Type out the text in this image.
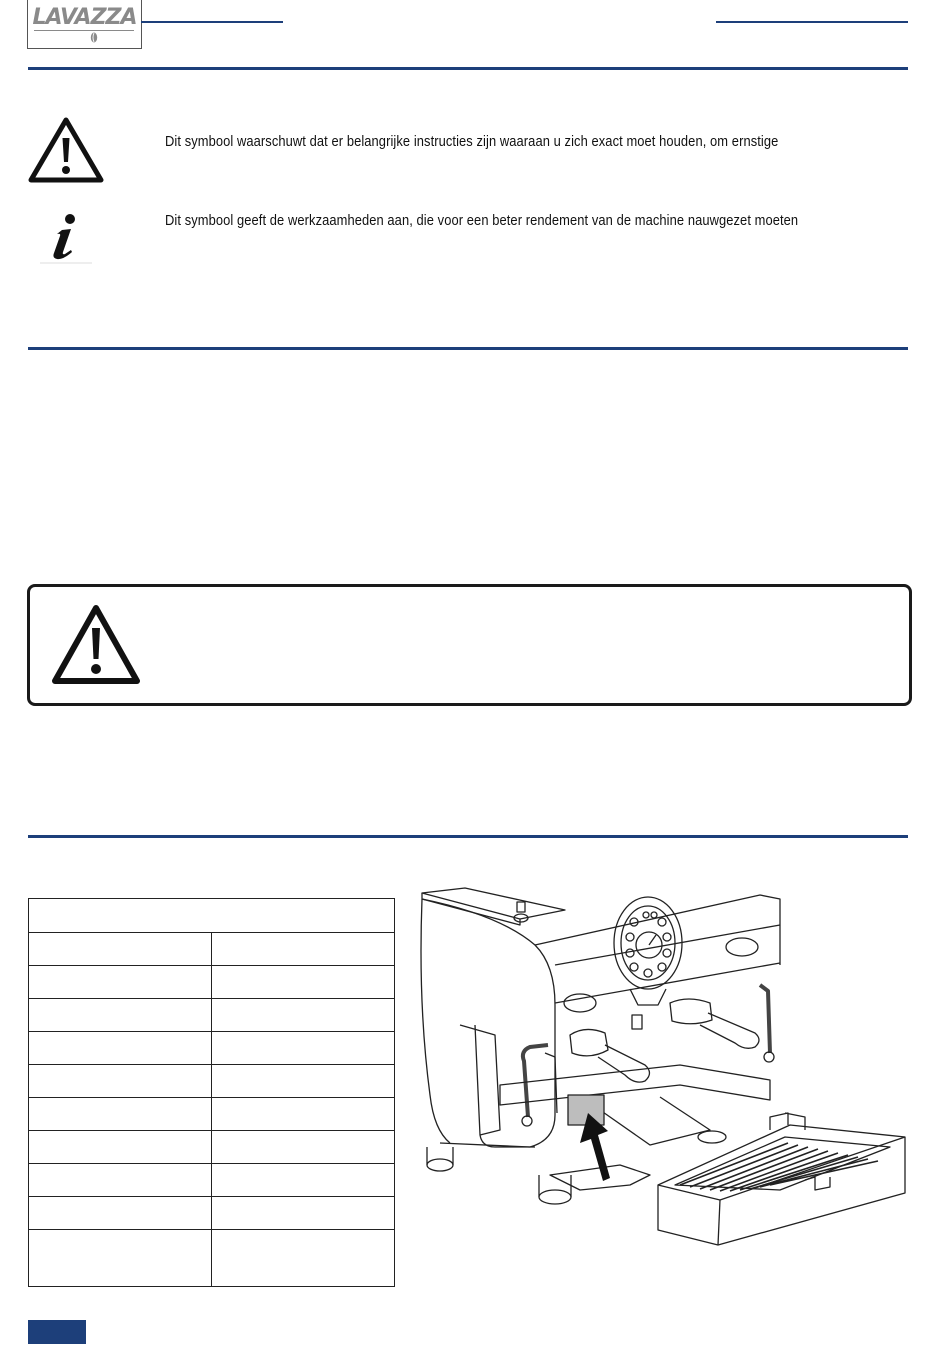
LAVAZZA
Dit symbool waarschuwt dat er belangrijke instructies zijn waaraan u zich exact moet houden, om ernstige
Dit symbool geeft de werkzaamheden aan, die voor een beter rendement van de machine nauwgezet moeten
